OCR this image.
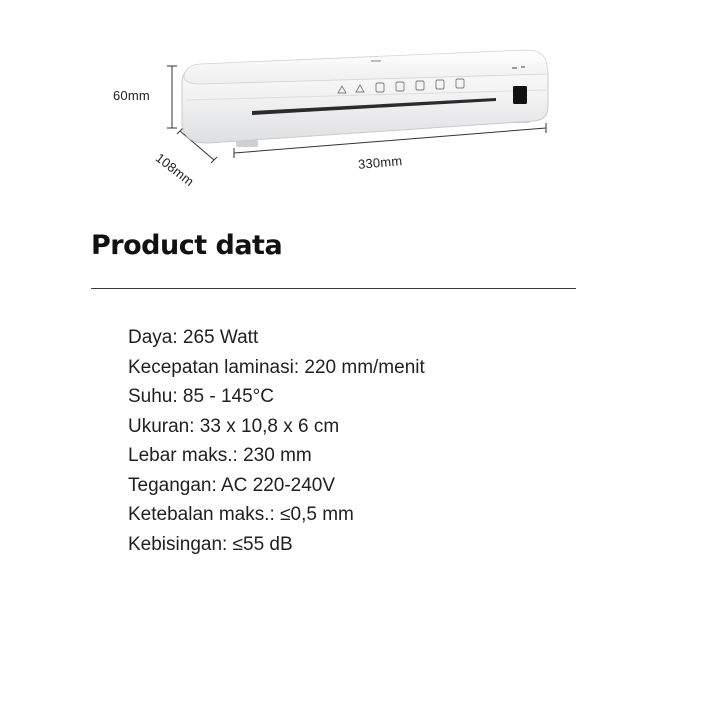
60mm
108mm	330mm
Product data
Daya: 265 Watt
Kecepatan laminasi: 220 mm/menit
Suhu: 85 - 145°C
Ukuran: 33 x 10,8 x 6 cm
Lebar maks.: 230 mm
Tegangan: AC 220-240V
Ketebalan maks.: ≤0,5 mm
Kebisingan: ≤55 dB
